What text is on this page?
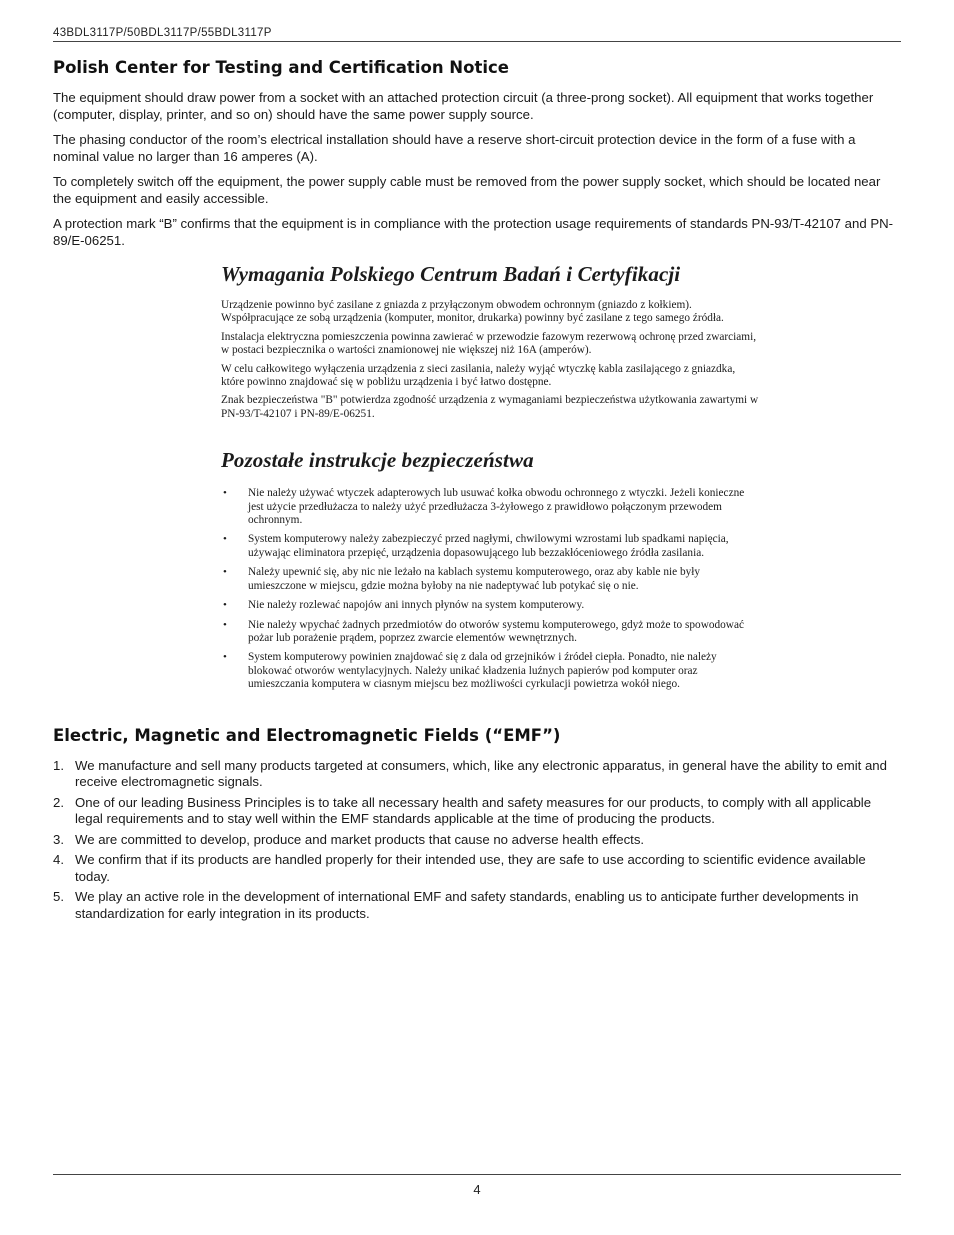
43BDL3117P/50BDL3117P/55BDL3117P
Polish Center for Testing and Certification Notice

The equipment should draw power from a socket with an attached protection circuit (a three-prong socket). All equipment that works together (computer, display, printer, and so on) should have the same power supply source.

The phasing conductor of the room’s electrical installation should have a reserve short-circuit protection device in the form of a fuse with a nominal value no larger than 16 amperes (A).

To completely switch off the equipment, the power supply cable must be removed from the power supply socket, which should be located near the equipment and easily accessible.

A protection mark “B” confirms that the equipment is in compliance with the protection usage requirements of standards PN-93/T-42107 and PN-89/E-06251.

Wymagania Polskiego Centrum Badań i Certyfikacji

Urządzenie powinno być zasilane z gniazda z przyłączonym obwodem ochronnym (gniazdo z kołkiem). Współpracujące ze sobą urządzenia (komputer, monitor, drukarka) powinny być zasilane z tego samego źródła.

Instalacja elektryczna pomieszczenia powinna zawierać w przewodzie fazowym rezerwową ochronę przed zwarciami, w postaci bezpiecznika o wartości znamionowej nie większej niż 16A (amperów).

W celu całkowitego wyłączenia urządzenia z sieci zasilania, należy wyjąć wtyczkę kabla zasilającego z gniazdka, które powinno znajdować się w pobliżu urządzenia i być łatwo dostępne.

Znak bezpieczeństwa "B" potwierdza zgodność urządzenia z wymaganiami bezpieczeństwa użytkowania zawartymi w PN-93/T-42107 i PN-89/E-06251.

Pozostałe instrukcje bezpieczeństwa
• Nie należy używać wtyczek adapterowych lub usuwać kołka obwodu ochronnego z wtyczki. Jeżeli konieczne jest użycie przedłużacza to należy użyć przedłużacza 3-żyłowego z prawidłowo połączonym przewodem ochronnym.
• System komputerowy należy zabezpieczyć przed nagłymi, chwilowymi wzrostami lub spadkami napięcia, używając eliminatora przepięć, urządzenia dopasowującego lub bezzakłóceniowego źródła zasilania.
• Należy upewnić się, aby nic nie leżało na kablach systemu komputerowego, oraz aby kable nie były umieszczone w miejscu, gdzie można byłoby na nie nadeptywać lub potykać się o nie.
• Nie należy rozlewać napojów ani innych płynów na system komputerowy.
• Nie należy wpychać żadnych przedmiotów do otworów systemu komputerowego, gdyż może to spowodować pożar lub porażenie prądem, poprzez zwarcie elementów wewnętrznych.
• System komputerowy powinien znajdować się z dala od grzejników i źródeł ciepła. Ponadto, nie należy blokować otworów wentylacyjnych. Należy unikać kładzenia luźnych papierów pod komputer oraz umieszczania komputera w ciasnym miejscu bez możliwości cyrkulacji powietrza wokół niego.
Electric, Magnetic and Electromagnetic Fields (“EMF”)
1. We manufacture and sell many products targeted at consumers, which, like any electronic apparatus, in general have the ability to emit and receive electromagnetic signals.
2. One of our leading Business Principles is to take all necessary health and safety measures for our products, to comply with all applicable legal requirements and to stay well within the EMF standards applicable at the time of producing the products.
3. We are committed to develop, produce and market products that cause no adverse health effects.
4. We confirm that if its products are handled properly for their intended use, they are safe to use according to scientific evidence available today.
5. We play an active role in the development of international EMF and safety standards, enabling us to anticipate further developments in standardization for early integration in its products.
4
